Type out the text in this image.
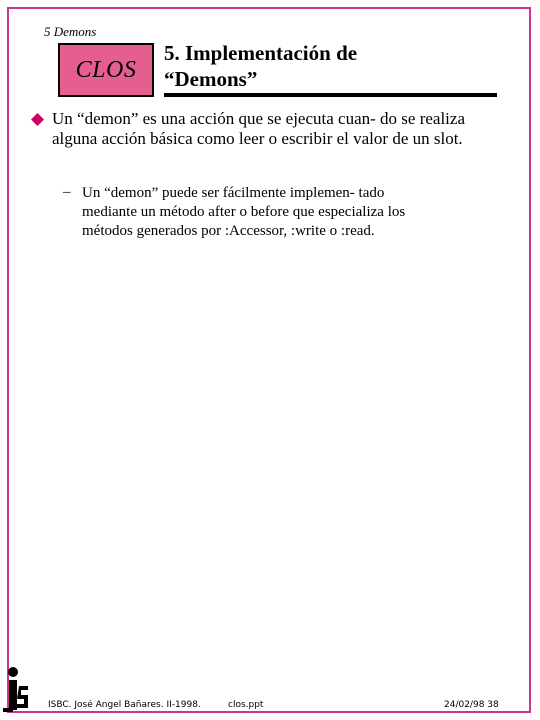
5 Demons
CLOS
5. Implementación de
“Demons”
Un “demon” es una acción que se ejecuta cuan- do se realiza alguna acción básica como leer o escribir el valor de un slot.
– Un “demon” puede ser fácilmente implemen- tado mediante un método after o before que especializa los métodos generados por :Accessor, :write o :read.
ISBC. José Angel Bañares. II-1998.	clos.ppt	24/02/98 38
